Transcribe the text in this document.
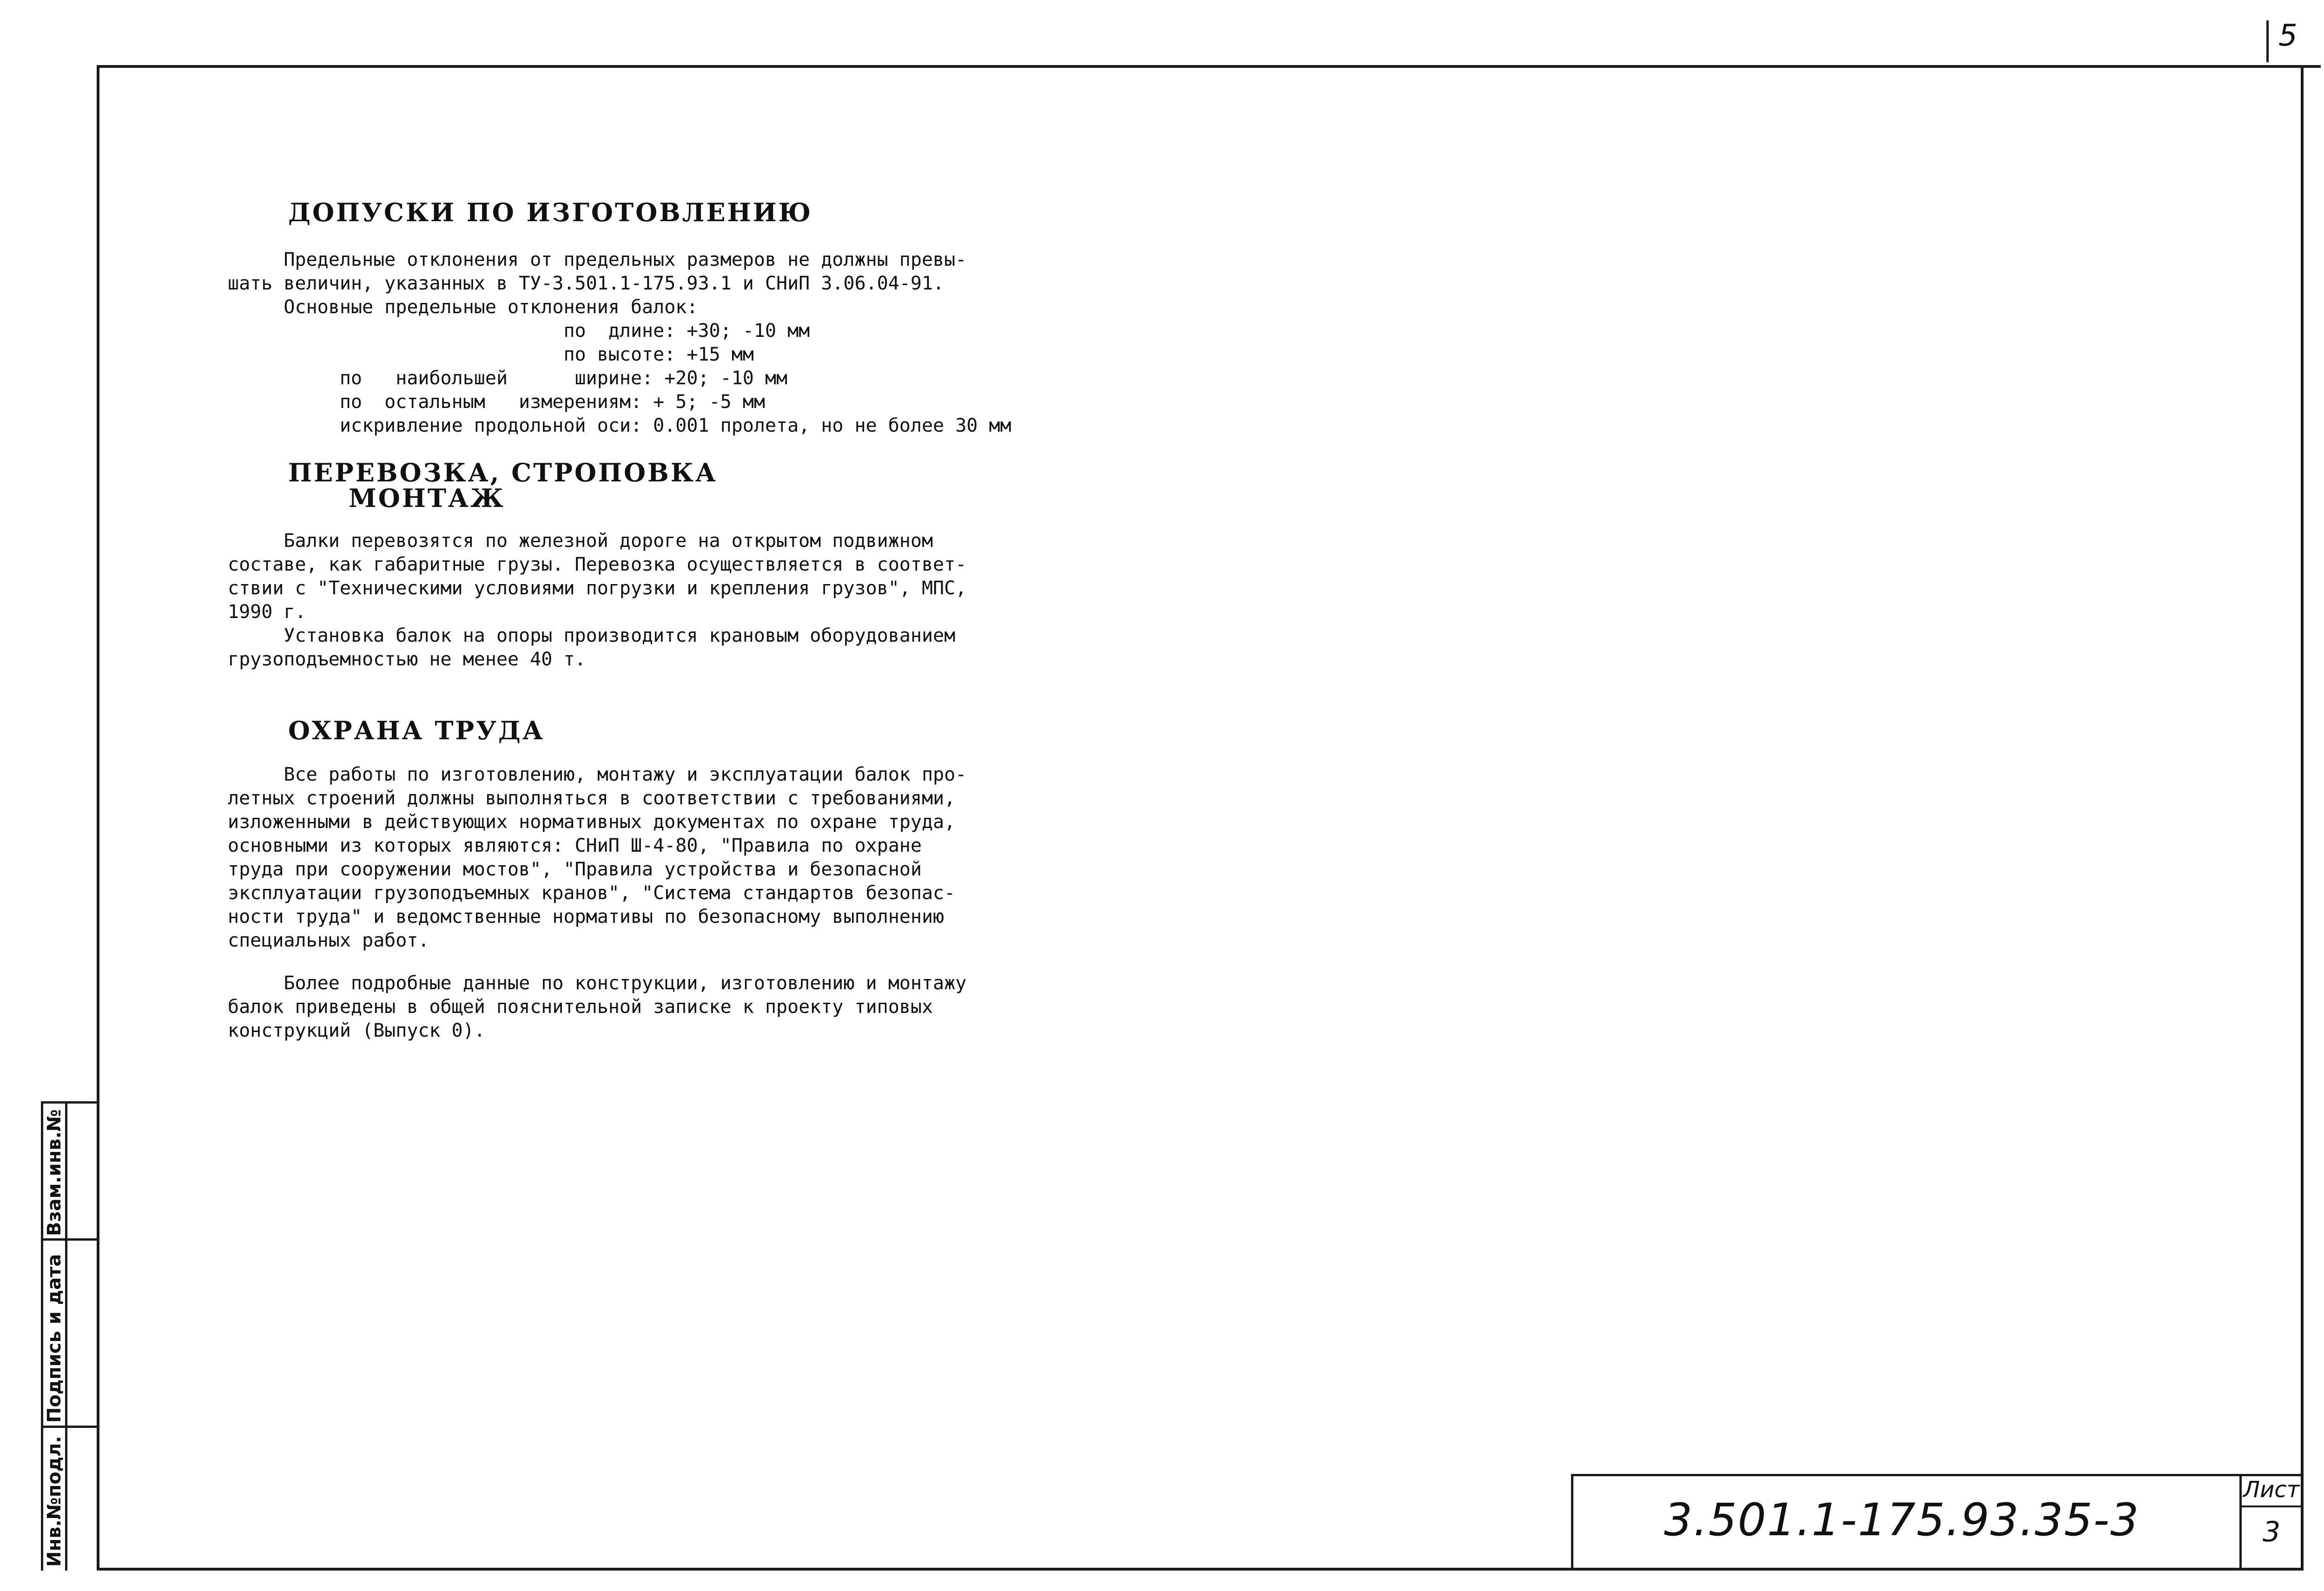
5
ДОПУСКИ ПО ИЗГОТОВЛЕНИЮ
Предельные отклонения от предельных размеров не должны превы-
шать величин, указанных в ТУ-3.501.1-175.93.1 и СНиП 3.06.04-91.
Основные предельные отклонения балок:
по  длине: +30; -10 мм
по высоте: +15 мм
по   наибольшей      ширине: +20; -10 мм
по  остальным   измерениям: + 5; -5 мм
искривление продольной оси: 0.001 пролета, но не более 30 мм
ПЕРЕВОЗКА, СТРОПОВКА
МОНТАЖ
Балки перевозятся по железной дороге на открытом подвижном
составе, как габаритные грузы. Перевозка осуществляется в соответ-
ствии с "Техническими условиями погрузки и крепления грузов", МПС,
1990 г.
Установка балок на опоры производится крановым оборудованием
грузоподъемностью не менее 40 т.
ОХРАНА ТРУДА
Все работы по изготовлению, монтажу и эксплуатации балок про-
летных строений должны выполняться в соответствии с требованиями,
изложенными в действующих нормативных документах по охране труда,
основными из которых являются: СНиП Ш-4-80, "Правила по охране
труда при сооружении мостов", "Правила устройства и безопасной
эксплуатации грузоподъемных кранов", "Система стандартов безопас-
ности труда" и ведомственные нормативы по безопасному выполнению
специальных работ.
Более подробные данные по конструкции, изготовлению и монтажу
балок приведены в общей пояснительной записке к проекту типовых
конструкций (Выпуск 0).
Инв.№подл.
Подпись и дата
Взам.инв.№
3.501.1-175.93.35-3
Лист
3
